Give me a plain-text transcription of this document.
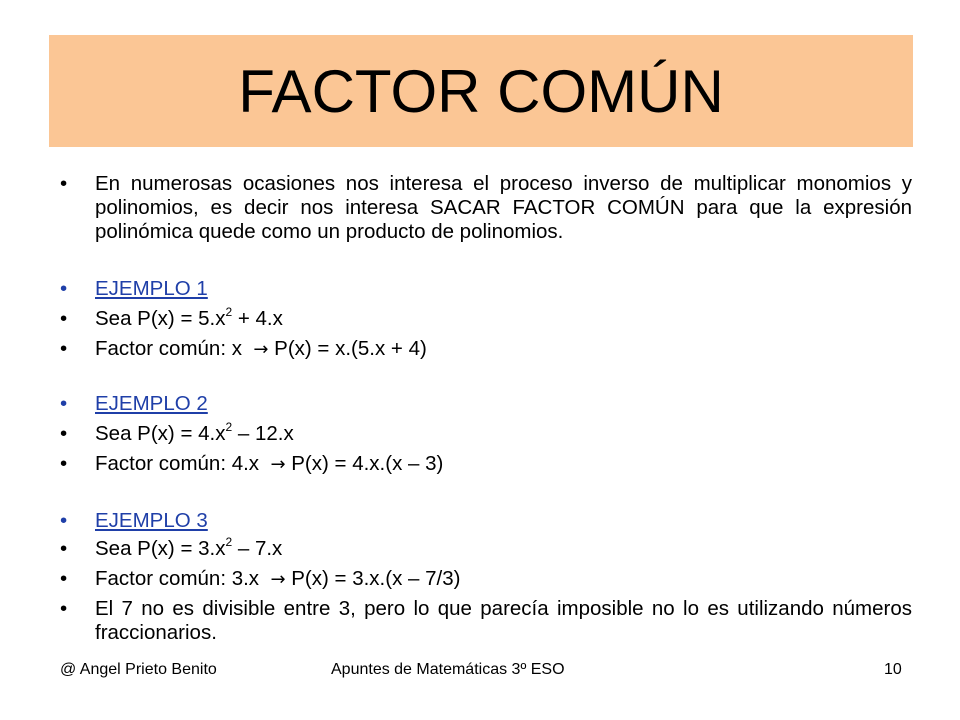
FACTOR COMÚN
• En numerosas ocasiones nos interesa el proceso inverso de multiplicar monomios y polinomios, es decir nos interesa SACAR FACTOR COMÚN para que la expresión polinómica quede como un producto de polinomios.
• EJEMPLO 1
• Sea $P(x) = 5.x^2 + 4.x$
• Factor común: x → P(x) = x.(5.x + 4)
• EJEMPLO 2
• Sea $P(x) = 4.x^2 - 12.x$
• Factor común: 4.x → P(x) = 4.x.(x – 3)
• EJEMPLO 3
• Sea $P(x) = 3.x^2 - 7.x$
• Factor común: 3.x → P(x) = 3.x.(x – 7/3)
• El 7 no es divisible entre 3, pero lo que parecía imposible no lo es utilizando números fraccionarios.
@ Angel Prieto Benito	Apuntes de Matemáticas 3º ESO	10
